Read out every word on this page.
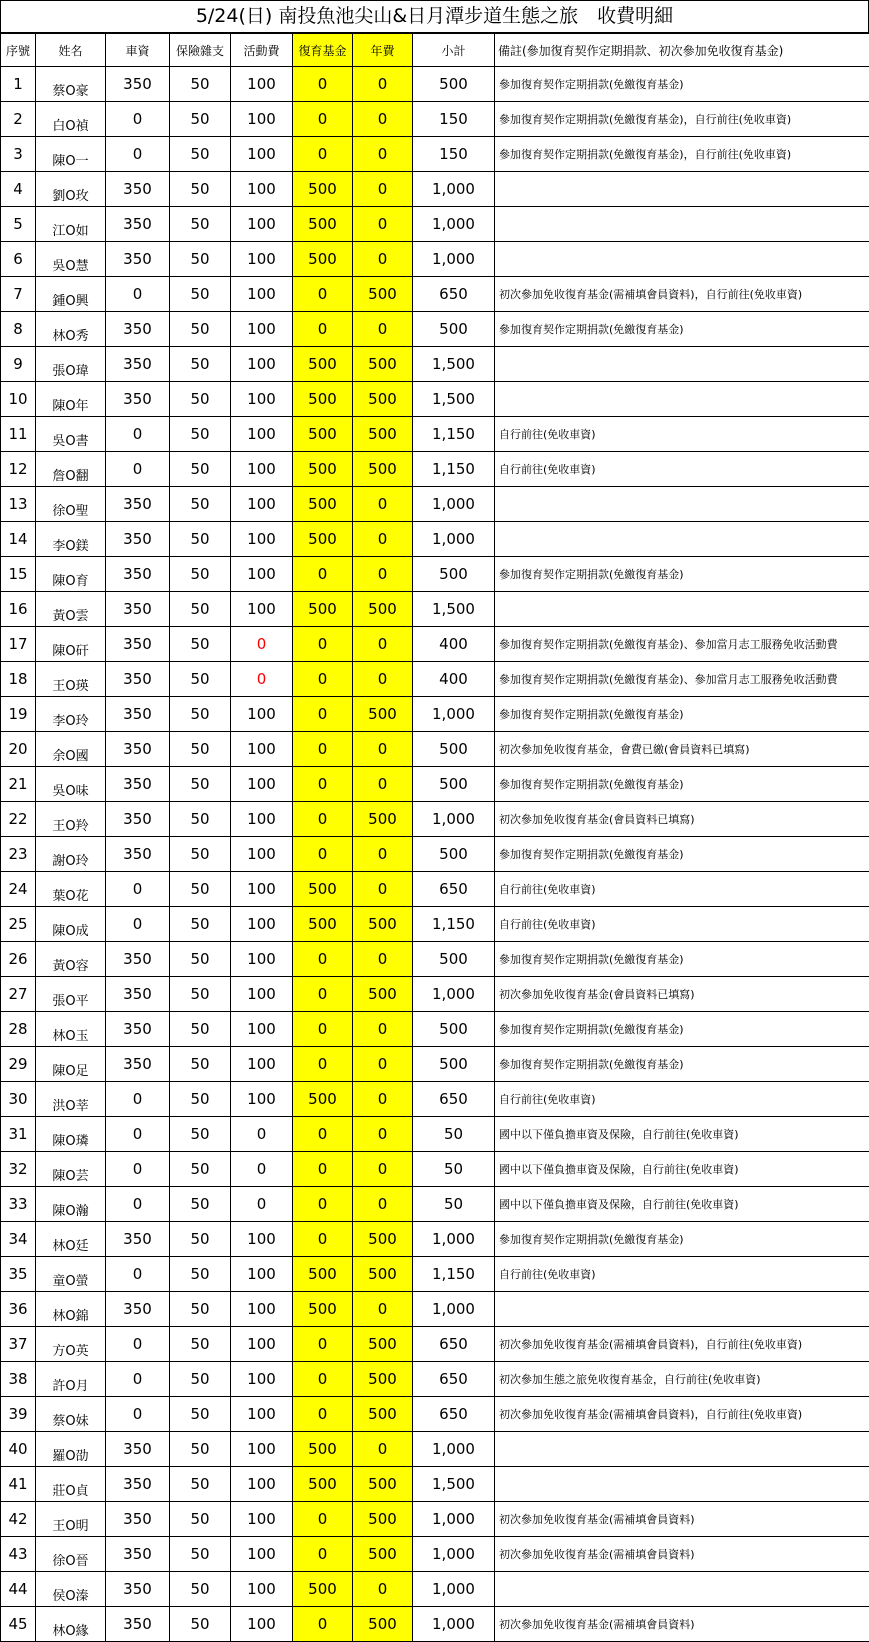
5/24(日) 南投魚池尖山&日月潭步道生態之旅　收費明細
序號	姓名	車資	保險雜支	活動費	復育基金	年費	小計	備註(參加復育契作定期捐款、初次參加免收復育基金)
1	蔡O豪	350	50	100	0	0	500	參加復育契作定期捐款(免繳復育基金)
2	白O禎	0	50	100	0	0	150	參加復育契作定期捐款(免繳復育基金)，自行前往(免收車資)
3	陳O一	0	50	100	0	0	150	參加復育契作定期捐款(免繳復育基金)，自行前往(免收車資)
4	劉O玫	350	50	100	500	0	1,000	
5	江O如	350	50	100	500	0	1,000	
6	吳O慧	350	50	100	500	0	1,000	
7	鍾O興	0	50	100	0	500	650	初次參加免收復育基金(需補填會員資料)，自行前往(免收車資)
8	林O秀	350	50	100	0	0	500	參加復育契作定期捐款(免繳復育基金)
9	張O瑋	350	50	100	500	500	1,500	
10	陳O年	350	50	100	500	500	1,500	
11	吳O書	0	50	100	500	500	1,150	自行前往(免收車資)
12	詹O翻	0	50	100	500	500	1,150	自行前往(免收車資)
13	徐O聖	350	50	100	500	0	1,000	
14	李O鎂	350	50	100	500	0	1,000	
15	陳O育	350	50	100	0	0	500	參加復育契作定期捐款(免繳復育基金)
16	黃O雲	350	50	100	500	500	1,500	
17	陳O矸	350	50	0	0	0	400	參加復育契作定期捐款(免繳復育基金)、參加當月志工服務免收活動費
18	王O瑛	350	50	0	0	0	400	參加復育契作定期捐款(免繳復育基金)、參加當月志工服務免收活動費
19	李O玲	350	50	100	0	500	1,000	參加復育契作定期捐款(免繳復育基金)
20	余O國	350	50	100	0	0	500	初次參加免收復育基金，會費已繳(會員資料已填寫)
21	吳O味	350	50	100	0	0	500	參加復育契作定期捐款(免繳復育基金)
22	王O羚	350	50	100	0	500	1,000	初次參加免收復育基金(會員資料已填寫)
23	謝O玲	350	50	100	0	0	500	參加復育契作定期捐款(免繳復育基金)
24	葉O花	0	50	100	500	0	650	自行前往(免收車資)
25	陳O成	0	50	100	500	500	1,150	自行前往(免收車資)
26	黃O容	350	50	100	0	0	500	參加復育契作定期捐款(免繳復育基金)
27	張O平	350	50	100	0	500	1,000	初次參加免收復育基金(會員資料已填寫)
28	林O玉	350	50	100	0	0	500	參加復育契作定期捐款(免繳復育基金)
29	陳O足	350	50	100	0	0	500	參加復育契作定期捐款(免繳復育基金)
30	洪O莘	0	50	100	500	0	650	自行前往(免收車資)
31	陳O璘	0	50	0	0	0	50	國中以下僅負擔車資及保險，自行前往(免收車資)
32	陳O芸	0	50	0	0	0	50	國中以下僅負擔車資及保險，自行前往(免收車資)
33	陳O瀚	0	50	0	0	0	50	國中以下僅負擔車資及保險，自行前往(免收車資)
34	林O廷	350	50	100	0	500	1,000	參加復育契作定期捐款(免繳復育基金)
35	童O螢	0	50	100	500	500	1,150	自行前往(免收車資)
36	林O錦	350	50	100	500	0	1,000	
37	方O英	0	50	100	0	500	650	初次參加免收復育基金(需補填會員資料)，自行前往(免收車資)
38	許O月	0	50	100	0	500	650	初次參加生態之旅免收復育基金，自行前往(免收車資)
39	蔡O妹	0	50	100	0	500	650	初次參加免收復育基金(需補填會員資料)，自行前往(免收車資)
40	羅O劭	350	50	100	500	0	1,000	
41	莊O貞	350	50	100	500	500	1,500	
42	王O明	350	50	100	0	500	1,000	初次參加免收復育基金(需補填會員資料)
43	徐O晉	350	50	100	0	500	1,000	初次參加免收復育基金(需補填會員資料)
44	侯O溱	350	50	100	500	0	1,000	
45	林O緣	350	50	100	0	500	1,000	初次參加免收復育基金(需補填會員資料)
